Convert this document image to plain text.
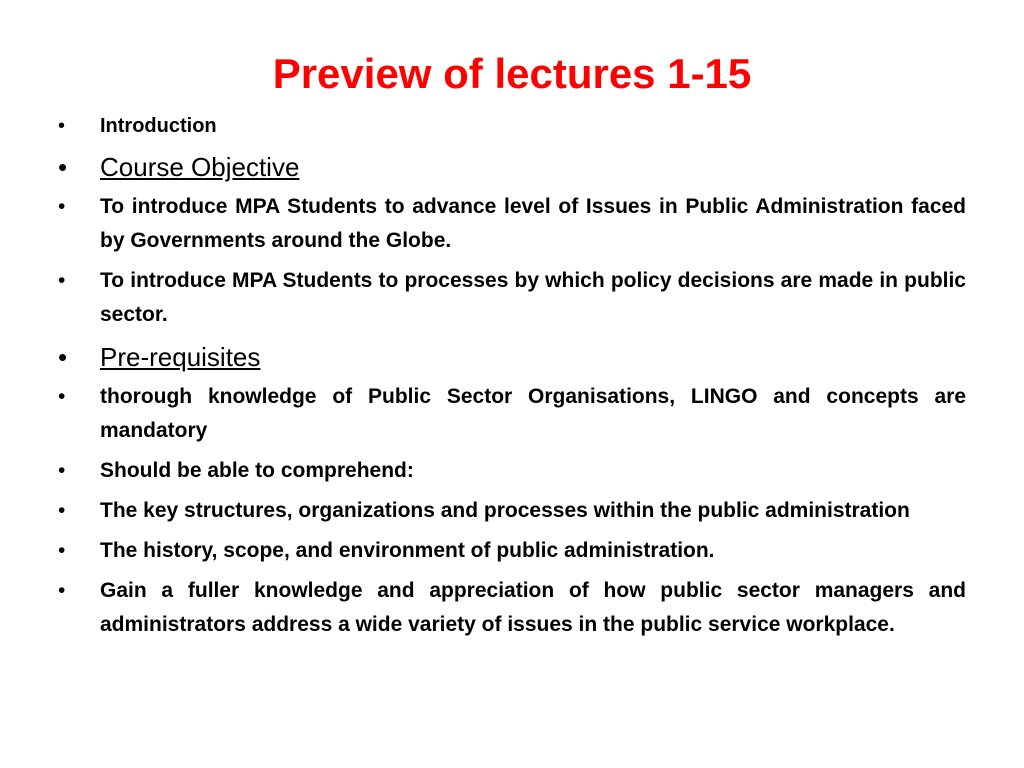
Preview of lectures 1-15
• Introduction
• Course Objective
• To introduce MPA Students to advance level of Issues in Public Administration faced by Governments around the Globe.
• To introduce MPA Students to processes by which policy decisions are made in public sector.
• Pre-requisites
• thorough knowledge of Public Sector Organisations, LINGO and concepts are mandatory
• Should be able to comprehend:
• The key structures, organizations and processes within the public administration
• The history, scope, and environment of public administration.
• Gain a fuller knowledge and appreciation of how public sector managers and administrators address a wide variety of issues in the public service workplace.
